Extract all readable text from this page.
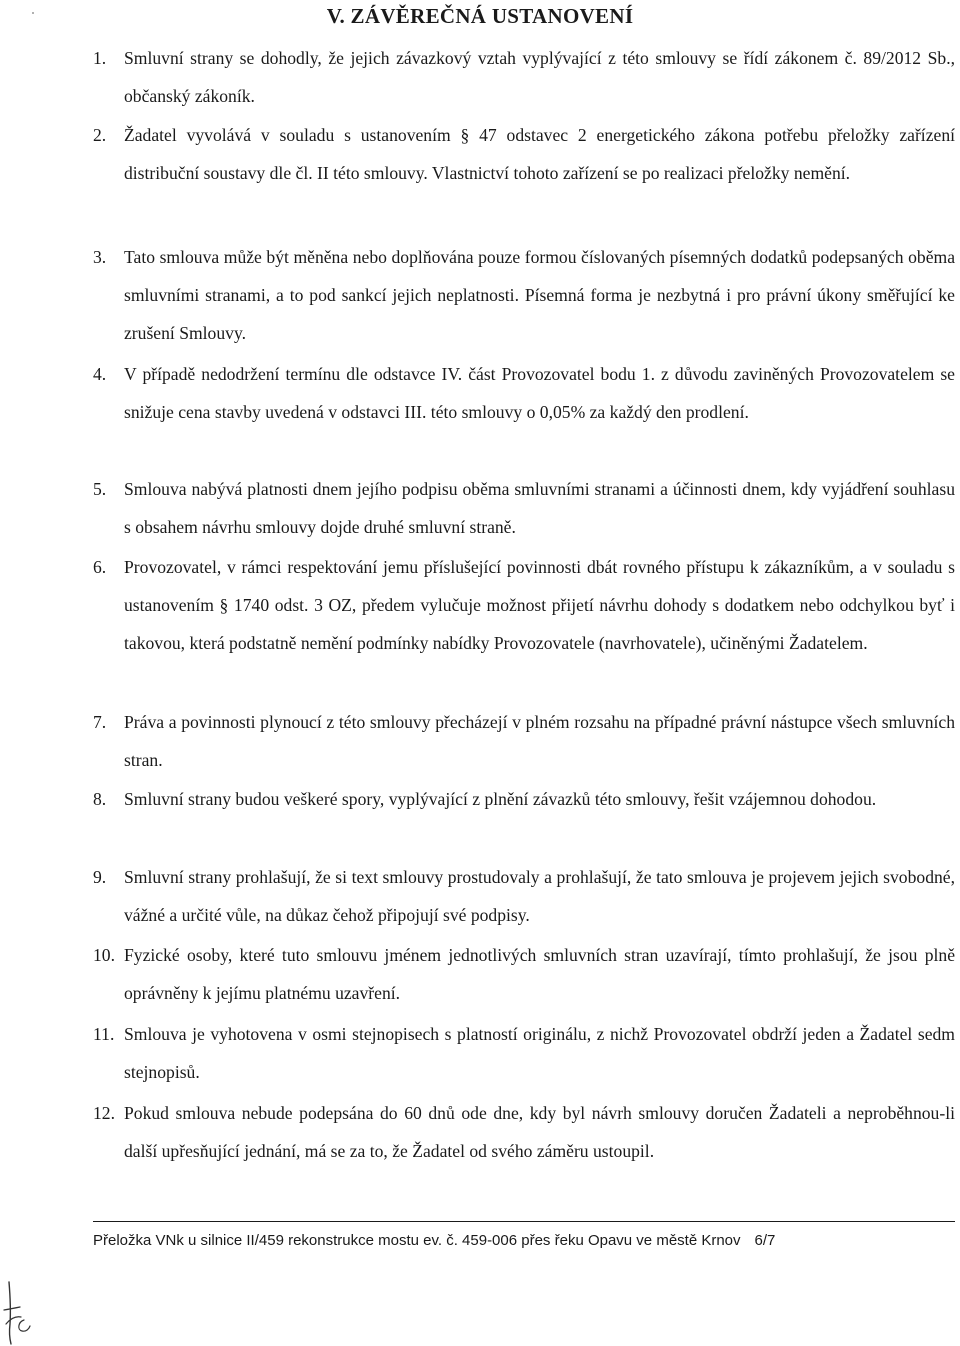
V. ZÁVĚREČNÁ USTANOVENÍ
1. Smluvní strany se dohodly, že jejich závazkový vztah vyplývající z této smlouvy se řídí zákonem č. 89/2012 Sb., občanský zákoník.
2. Žadatel vyvolává v souladu s ustanovením § 47 odstavec 2 energetického zákona potřebu přeložky zařízení distribuční soustavy dle čl. II této smlouvy. Vlastnictví tohoto zařízení se po realizaci přeložky nemění.
3. Tato smlouva může být měněna nebo doplňována pouze formou číslovaných písemných dodatků podepsaných oběma smluvními stranami, a to pod sankcí jejich neplatnosti. Písemná forma je nezbytná i pro právní úkony směřující ke zrušení Smlouvy.
4. V případě nedodržení termínu dle odstavce IV. část Provozovatel bodu 1. z důvodu zaviněných Provozovatelem se snižuje cena stavby uvedená v odstavci III. této smlouvy o 0,05% za každý den prodlení.
5. Smlouva nabývá platnosti dnem jejího podpisu oběma smluvními stranami a účinnosti dnem, kdy vyjádření souhlasu s obsahem návrhu smlouvy dojde druhé smluvní straně.
6. Provozovatel, v rámci respektování jemu příslušející povinnosti dbát rovného přístupu k zákazníkům, a v souladu s ustanovením § 1740 odst. 3 OZ, předem vylučuje možnost přijetí návrhu dohody s dodatkem nebo odchylkou byť i takovou, která podstatně nemění podmínky nabídky Provozovatele (navrhovatele), učiněnými Žadatelem.
7. Práva a povinnosti plynoucí z této smlouvy přecházejí v plném rozsahu na případné právní nástupce všech smluvních stran.
8. Smluvní strany budou veškeré spory, vyplývající z plnění závazků této smlouvy, řešit vzájemnou dohodou.
9. Smluvní strany prohlašují, že si text smlouvy prostudovaly a prohlašují, že tato smlouva je projevem jejich svobodné, vážné a určité vůle, na důkaz čehož připojují své podpisy.
10. Fyzické osoby, které tuto smlouvu jménem jednotlivých smluvních stran uzavírají, tímto prohlašují, že jsou plně oprávněny k jejímu platnému uzavření.
11. Smlouva je vyhotovena v osmi stejnopisech s platností originálu, z nichž Provozovatel obdrží jeden a Žadatel sedm stejnopisů.
12. Pokud smlouva nebude podepsána do 60 dnů ode dne, kdy byl návrh smlouvy doručen Žadateli a neproběhnou-li další upřesňující jednání, má se za to, že Žadatel od svého záměru ustoupil.
Přeložka VNk u silnice II/459 rekonstrukce mostu ev. č. 459-006 přes řeku Opavu ve městě Krnov 6/7
